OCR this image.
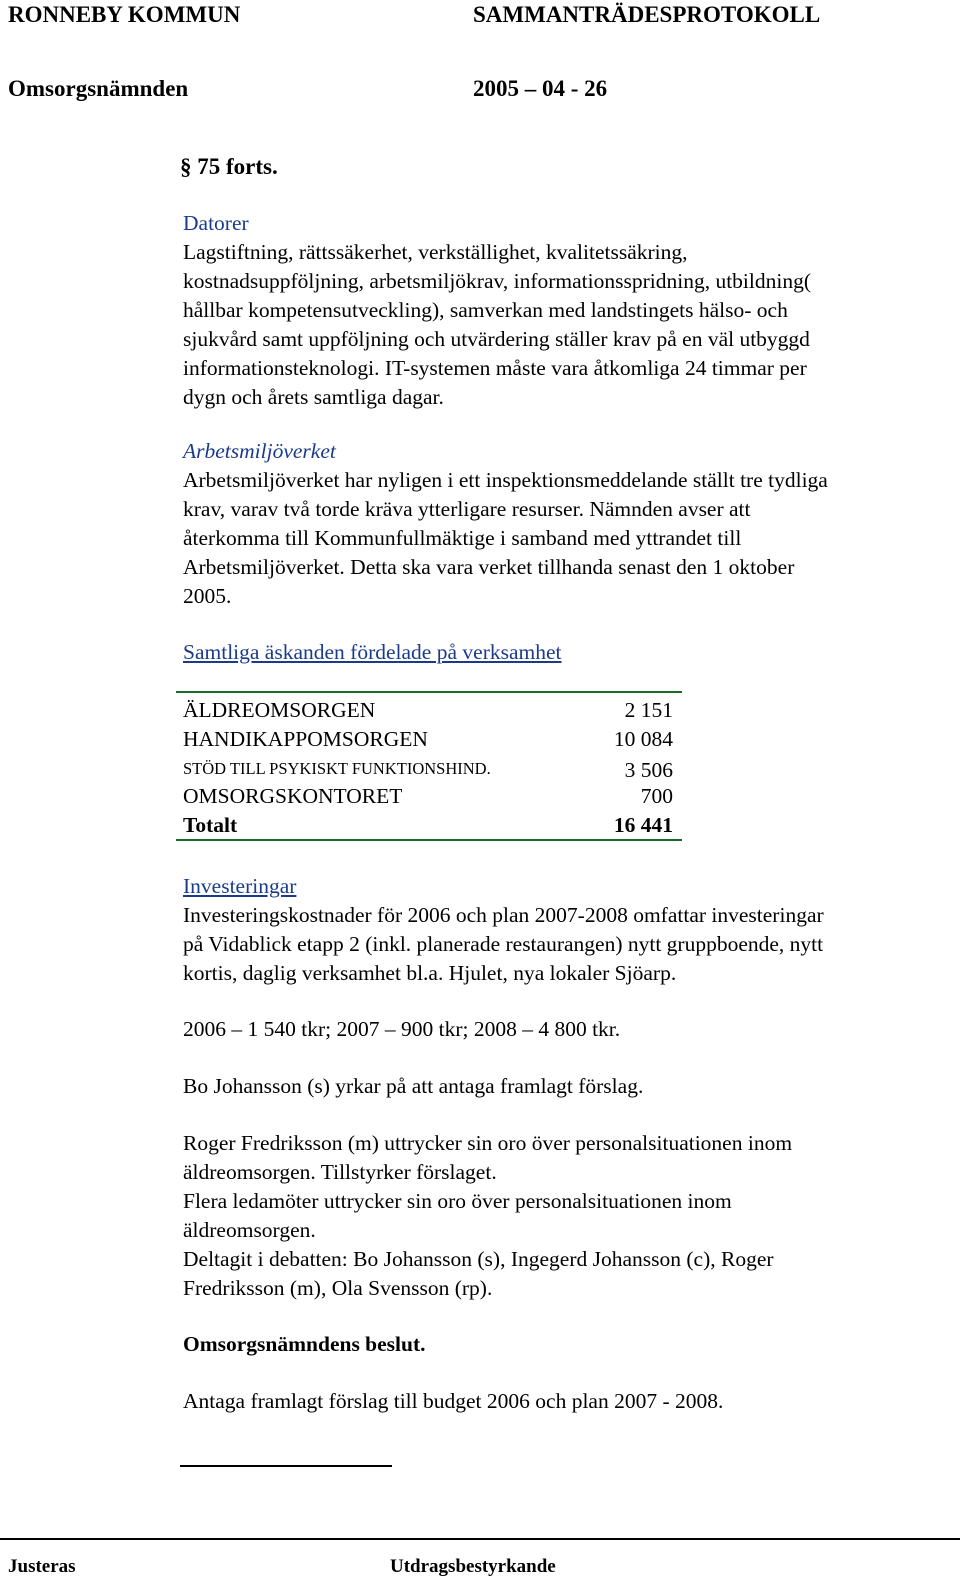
RONNEBY KOMMUN	SAMMANTRÄDESPROTOKOLL
Omsorgsnämnden	2005 – 04 - 26
§ 75 forts.
Datorer
Lagstiftning, rättssäkerhet, verkställighet, kvalitetssäkring,
kostnadsuppföljning, arbetsmiljökrav, informationsspridning, utbildning(
hållbar kompetensutveckling), samverkan med landstingets hälso- och
sjukvård samt uppföljning och utvärdering ställer krav på en väl utbyggd
informationsteknologi. IT-systemen måste vara åtkomliga 24 timmar per
dygn och årets samtliga dagar.
Arbetsmiljöverket
Arbetsmiljöverket har nyligen i ett inspektionsmeddelande ställt tre tydliga
krav, varav två torde kräva ytterligare resurser. Nämnden avser att
återkomma till Kommunfullmäktige i samband med yttrandet till
Arbetsmiljöverket. Detta ska vara verket tillhanda senast den 1 oktober
2005.
Samtliga äskanden fördelade på verksamhet
ÄLDREOMSORGEN	2 151
HANDIKAPPOMSORGEN	10 084
STÖD TILL PSYKISKT FUNKTIONSHIND.	3 506
OMSORGSKONTORET	700
Totalt	16 441
Investeringar
Investeringskostnader för 2006 och plan 2007-2008 omfattar investeringar
på Vidablick etapp 2 (inkl. planerade restaurangen) nytt gruppboende, nytt
kortis, daglig verksamhet bl.a. Hjulet, nya lokaler Sjöarp.
2006 – 1 540 tkr; 2007 – 900 tkr; 2008 – 4 800 tkr.
Bo Johansson (s) yrkar på att antaga framlagt förslag.
Roger Fredriksson (m) uttrycker sin oro över personalsituationen inom
äldreomsorgen. Tillstyrker förslaget.
Flera ledamöter uttrycker sin oro över personalsituationen inom
äldreomsorgen.
Deltagit i debatten: Bo Johansson (s), Ingegerd Johansson (c), Roger
Fredriksson (m), Ola Svensson (rp).
Omsorgsnämndens beslut.
Antaga framlagt förslag till budget 2006 och plan 2007 - 2008.
Justeras	Utdragsbestyrkande
